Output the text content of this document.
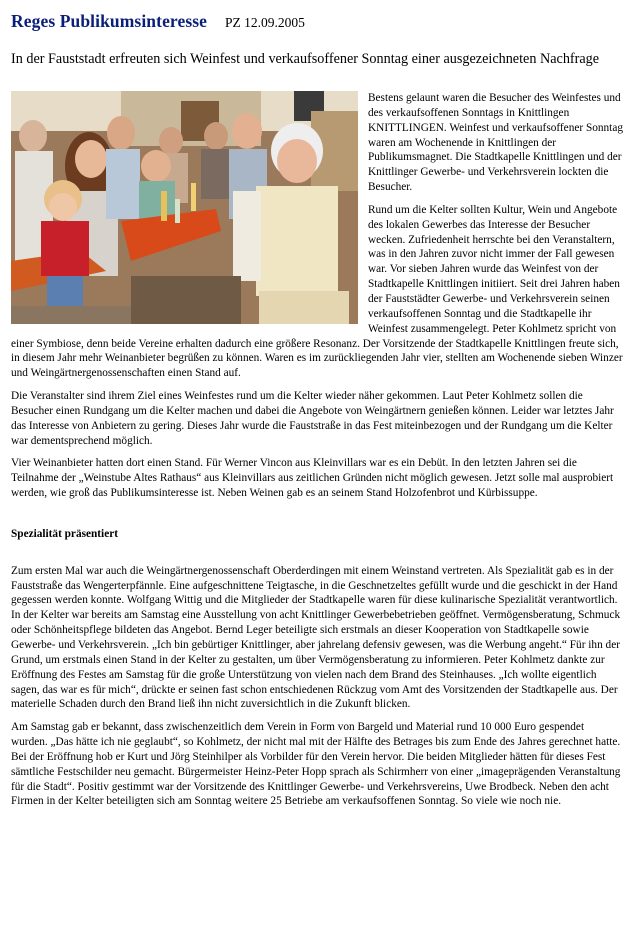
Reges Publikumsinteresse PZ 12.09.2005
In der Fauststadt erfreuten sich Weinfest und verkaufsoffener Sonntag einer ausgezeichneten Nachfrage

Bestens gelaunt waren die Besucher des Weinfestes und des verkaufsoffenen Sonntags in Knittlingen KNITTLINGEN. Weinfest und verkaufsoffener Sonntag waren am Wochenende in Knittlingen der Publikumsmagnet. Die Stadtkapelle Knittlingen und der Knittlinger Gewerbe- und Verkehrsverein lockten die Besucher.

Rund um die Kelter sollten Kultur, Wein und Angebote des lokalen Gewerbes das Interesse der Besucher wecken. Zufriedenheit herrschte bei den Veranstaltern, was in den Jahren zuvor nicht immer der Fall gewesen war. Vor sieben Jahren wurde das Weinfest von der Stadtkapelle Knittlingen initiiert. Seit drei Jahren haben der Fauststädter Gewerbe- und Verkehrsverein seinen verkaufsoffenen Sonntag und die Stadtkapelle ihr Weinfest zusammengelegt. Peter Kohlmetz spricht von einer Symbiose, denn beide Vereine erhalten dadurch eine größere Resonanz. Der Vorsitzende der Stadtkapelle Knittlingen freute sich, in diesem Jahr mehr Weinanbieter begrüßen zu können. Waren es im zurückliegenden Jahr vier, stellten am Wochenende sieben Winzer und Weingärtnergenossenschaften einen Stand auf.

Die Veranstalter sind ihrem Ziel eines Weinfestes rund um die Kelter wieder näher gekommen. Laut Peter Kohlmetz sollen die Besucher einen Rundgang um die Kelter machen und dabei die Angebote von Weingärtnern genießen können. Leider war letztes Jahr das Interesse von Anbietern zu gering. Dieses Jahr wurde die Fauststraße in das Fest miteinbezogen und der Rundgang um die Kelter war dementsprechend möglich.

Vier Weinanbieter hatten dort einen Stand. Für Werner Vincon aus Kleinvillars war es ein Debüt. In den letzten Jahren sei die Teilnahme der „Weinstube Altes Rathaus“ aus Kleinvillars aus zeitlichen Gründen nicht möglich gewesen. Jetzt solle mal ausprobiert werden, wie groß das Publikumsinteresse ist. Neben Weinen gab es an seinem Stand Holzofenbrot und Kürbissuppe.

Spezialität präsentiert

Zum ersten Mal war auch die Weingärtnergenossenschaft Oberderdingen mit einem Weinstand vertreten. Als Spezialität gab es in der Fauststraße das Wengerterpfännle. Eine aufgeschnittene Teigtasche, in die Geschnetzeltes gefüllt wurde und die geschickt in der Hand gegessen werden konnte. Wolfgang Wittig und die Mitglieder der Stadtkapelle waren für diese kulinarische Spezialität verantwortlich. In der Kelter war bereits am Samstag eine Ausstellung von acht Knittlinger Gewerbebetrieben geöffnet. Vermögensberatung, Schmuck oder Schönheitspflege bildeten das Angebot. Bernd Leger beteiligte sich erstmals an dieser Kooperation von Stadtkapelle sowie Gewerbe- und Verkehrsverein. „Ich bin gebürtiger Knittlinger, aber jahrelang defensiv gewesen, was die Werbung angeht.“ Für ihn der Grund, um erstmals einen Stand in der Kelter zu gestalten, um über Vermögensberatung zu informieren. Peter Kohlmetz dankte zur Eröffnung des Festes am Samstag für die große Unterstützung von vielen nach dem Brand des Steinhauses. „Ich wollte eigentlich sagen, das war es für mich“, drückte er seinen fast schon entschiedenen Rückzug vom Amt des Vorsitzenden der Stadtkapelle aus. Der materielle Schaden durch den Brand ließ ihn nicht zuversichtlich in die Zukunft blicken.

Am Samstag gab er bekannt, dass zwischenzeitlich dem Verein in Form von Bargeld und Material rund 10 000 Euro gespendet wurden. „Das hätte ich nie geglaubt“, so Kohlmetz, der nicht mal mit der Hälfte des Betrages bis zum Ende des Jahres gerechnet hatte. Bei der Eröffnung hob er Kurt und Jörg Steinhilper als Vorbilder für den Verein hervor. Die beiden Mitglieder hätten für dieses Fest sämtliche Festschilder neu gemacht. Bürgermeister Heinz-Peter Hopp sprach als Schirmherr von einer „imageprägenden Veranstaltung für die Stadt“. Positiv gestimmt war der Vorsitzende des Knittlinger Gewerbe- und Verkehrsvereins, Uwe Brodbeck. Neben den acht Firmen in der Kelter beteiligten sich am Sonntag weitere 25 Betriebe am verkaufsoffenen Sonntag. So viele wie noch nie.
